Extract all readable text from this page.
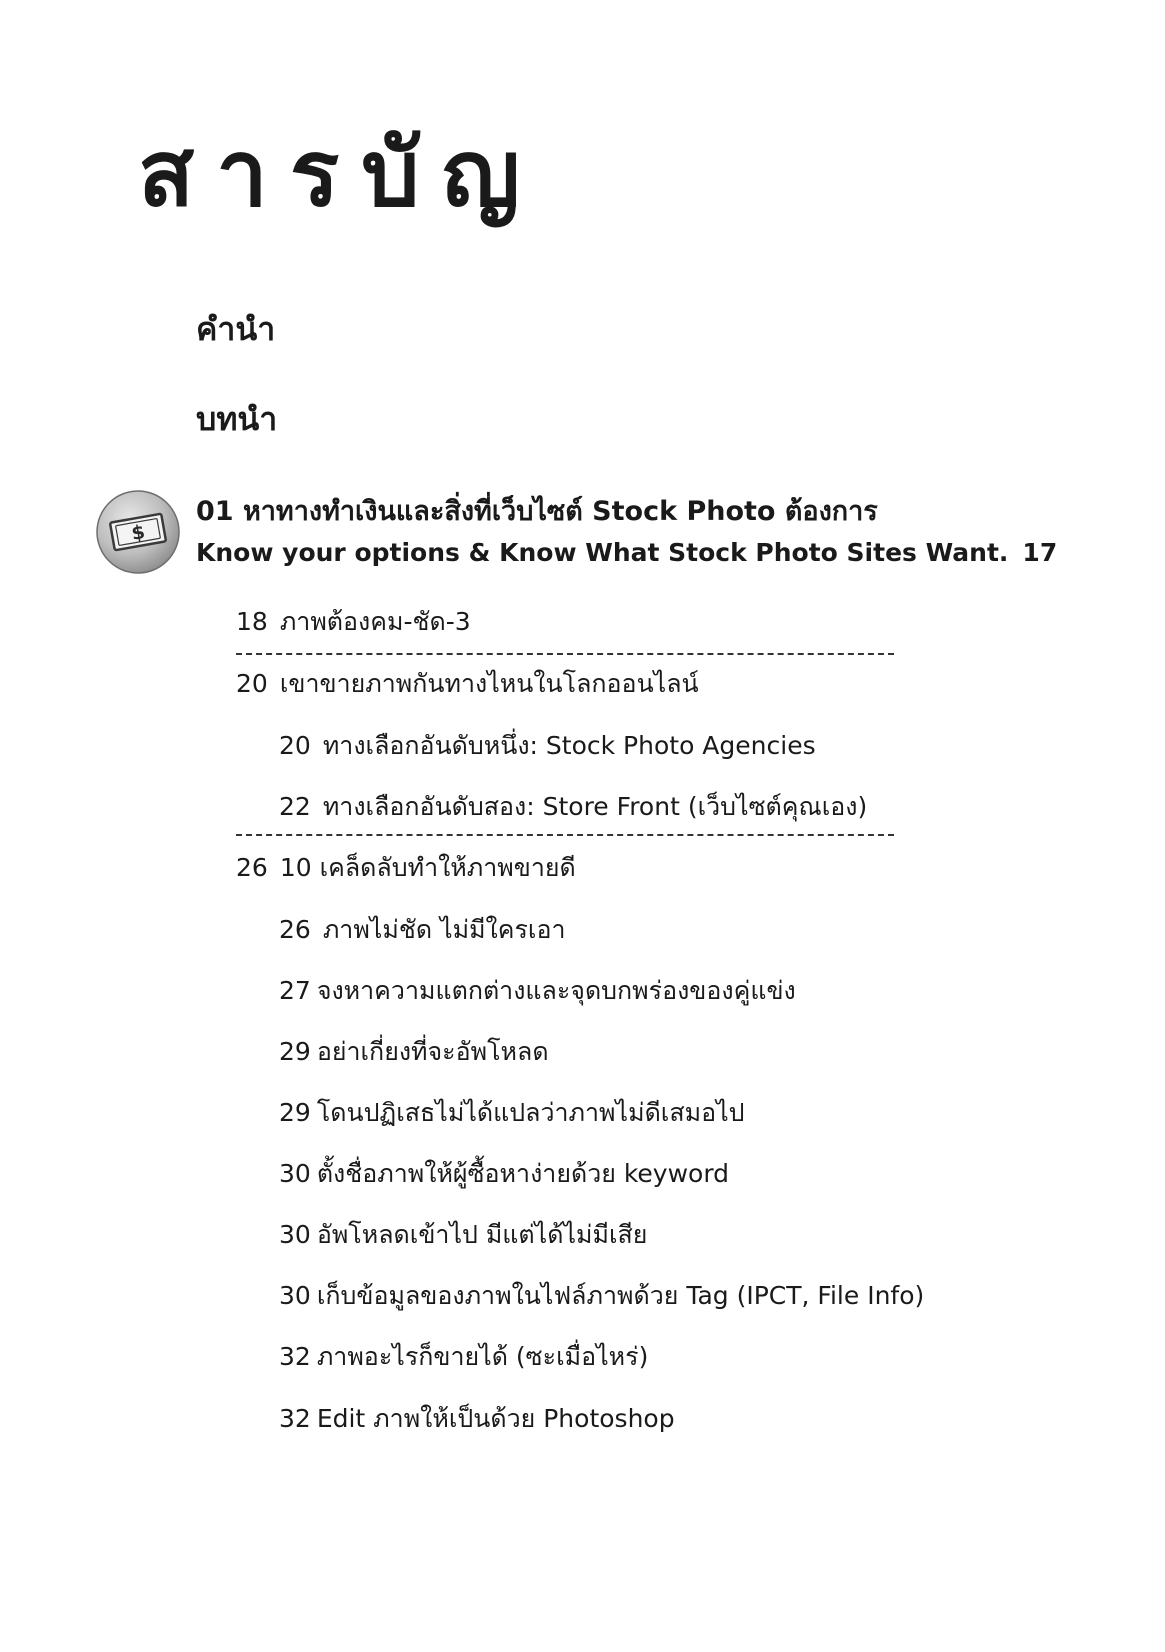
สารบัญ
คำนำ
บทนำ
$
01 หาทางทำเงินและสิ่งที่เว็บไซต์ Stock Photo ต้องการ
Know your options & Know What Stock Photo Sites Want. 17
18 ภาพต้องคม-ชัด-3
20 เขาขายภาพกันทางไหนในโลกออนไลน์
20 ทางเลือกอันดับหนึ่ง: Stock Photo Agencies
22 ทางเลือกอันดับสอง: Store Front (เว็บไซต์คุณเอง)
26 10 เคล็ดลับทำให้ภาพขายดี
26 ภาพไม่ชัด ไม่มีใครเอา
27 จงหาความแตกต่างและจุดบกพร่องของคู่แข่ง
29 อย่าเกี่ยงที่จะอัพโหลด
29 โดนปฏิเสธไม่ได้แปลว่าภาพไม่ดีเสมอไป
30 ตั้งชื่อภาพให้ผู้ซื้อหาง่ายด้วย keyword
30 อัพโหลดเข้าไป มีแต่ได้ไม่มีเสีย
30 เก็บข้อมูลของภาพในไฟล์ภาพด้วย Tag (IPCT, File Info)
32 ภาพอะไรก็ขายได้ (ซะเมื่อไหร่)
32 Edit ภาพให้เป็นด้วย Photoshop
